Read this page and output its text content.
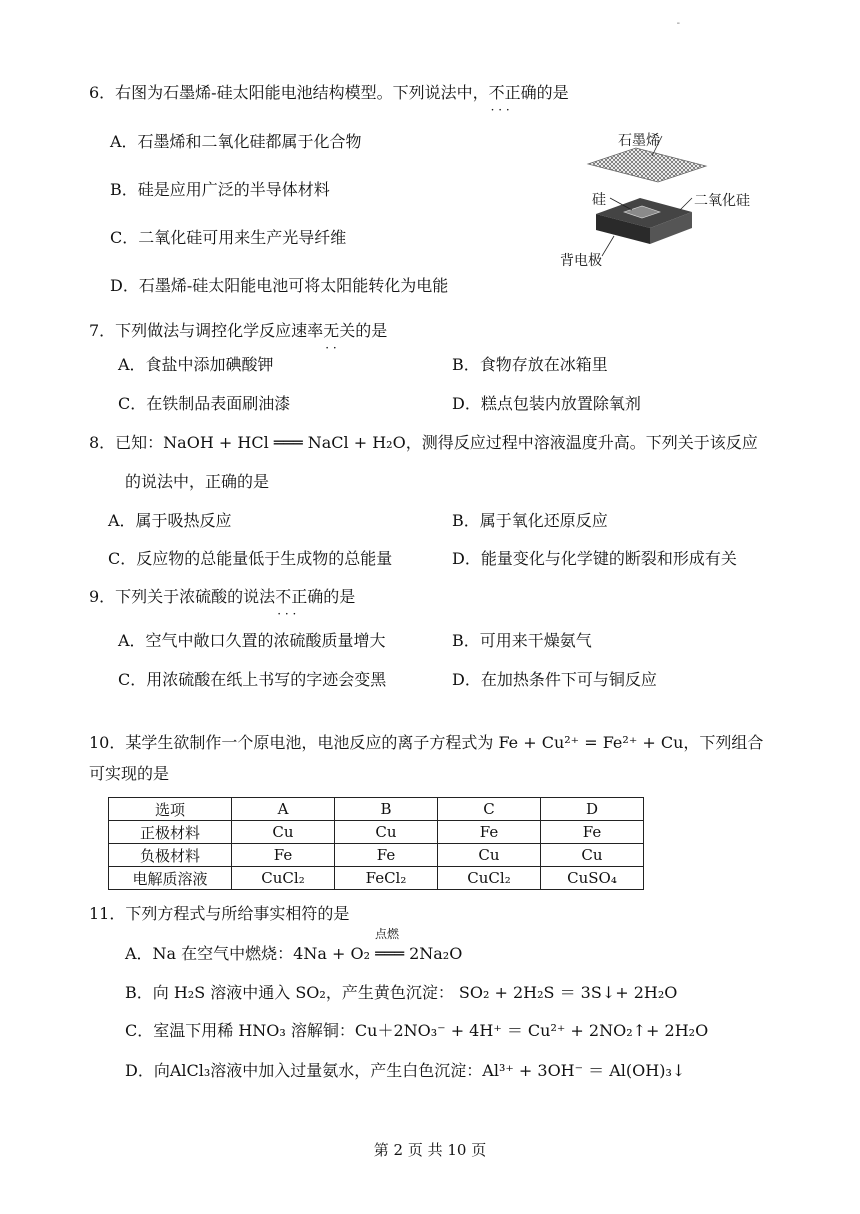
-
6．右图为石墨烯-硅太阳能电池结构模型。下列说法中，不正确 · · ·的是
A．石墨烯和二氧化硅都属于化合物
B．硅是应用广泛的半导体材料
C．二氧化硅可用来生产光导纤维
D．石墨烯-硅太阳能电池可将太阳能转化为电能
石墨烯
硅	二氧化硅
背电极
7．下列做法与调控化学反应速率无关 · ·的是
A．食盐中添加碘酸钾	B．食物存放在冰箱里
C．在铁制品表面刷油漆	D．糕点包装内放置除氧剂
8．已知：NaOH + HCl ═══ NaCl + H₂O，测得反应过程中溶液温度升高。下列关于该反应
的说法中，正确的是
A．属于吸热反应	B．属于氧化还原反应
C．反应物的总能量低于生成物的总能量	D．能量变化与化学键的断裂和形成有关
9．下列关于浓硫酸的说法不正确 · · ·的是
A．空气中敞口久置的浓硫酸质量增大	B．可用来干燥氨气
C．用浓硫酸在纸上书写的字迹会变黑	D．在加热条件下可与铜反应
10．某学生欲制作一个原电池，电池反应的离子方程式为 Fe + Cu²⁺ = Fe²⁺ + Cu，下列组合
可实现的是
选项	A	B	C	D
正极材料	Cu	Cu	Fe	Fe
负极材料	Fe	Fe	Cu	Cu
电解质溶液	CuCl₂	FeCl₂	CuCl₂	CuSO₄
11．下列方程式与所给事实相符的是
点燃
A．Na 在空气中燃烧：4Na + O₂ ═══ 2Na₂O
B．向 H₂S 溶液中通入 SO₂，产生黄色沉淀： SO₂ + 2H₂S ＝ 3S↓+ 2H₂O
C．室温下用稀 HNO₃ 溶解铜：Cu＋2NO₃⁻ + 4H⁺ ＝ Cu²⁺ + 2NO₂↑+ 2H₂O
D．向AlCl₃溶液中加入过量氨水，产生白色沉淀：Al³⁺ + 3OH⁻ ＝ Al(OH)₃↓
第 2 页 共 10 页
